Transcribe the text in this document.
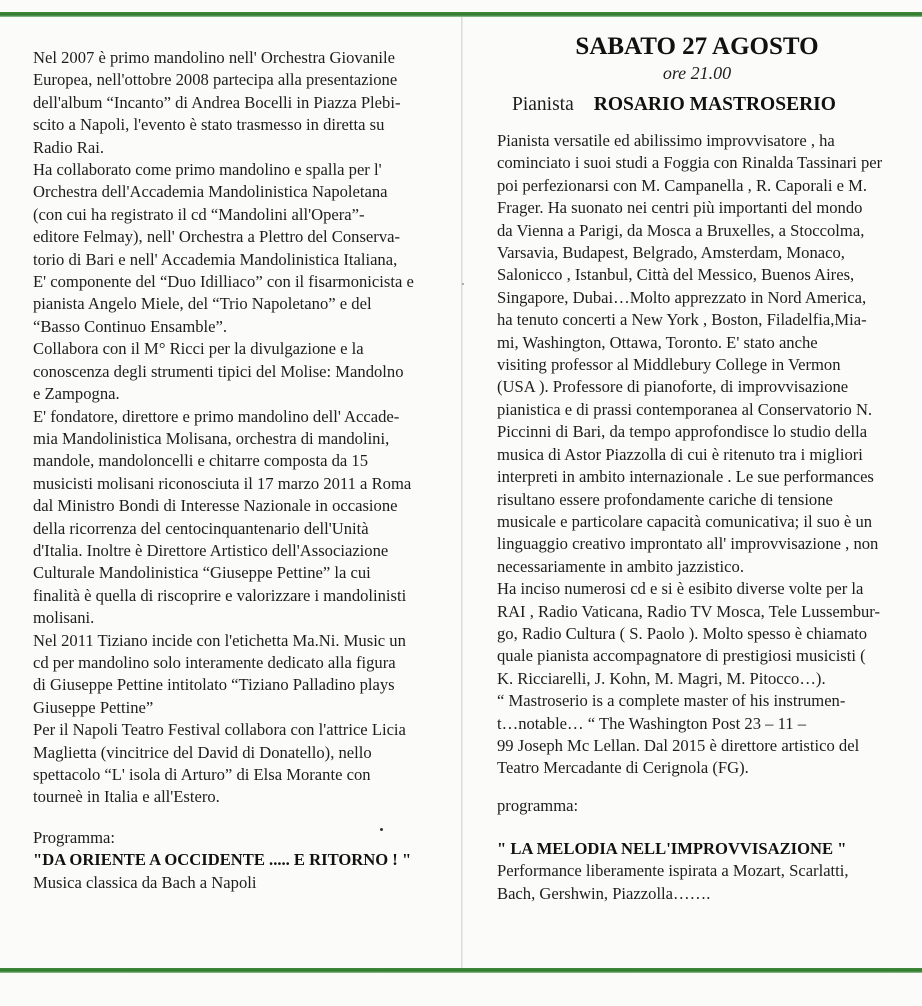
Nel 2007 è primo mandolino nell' Orchestra Giovanile
Europea, nell'ottobre 2008 partecipa alla presentazione
dell'album “Incanto” di Andrea Bocelli in Piazza Plebi-
scito a Napoli, l'evento è stato trasmesso in diretta su
Radio Rai.
Ha collaborato come primo mandolino e spalla per l'
Orchestra dell'Accademia Mandolinistica Napoletana
(con cui ha registrato il cd “Mandolini all'Opera”-
editore Felmay), nell' Orchestra a Plettro del Conserva-
torio di Bari e nell' Accademia Mandolinistica Italiana,
E' componente del “Duo Idilliaco” con il fisarmonicista e
pianista Angelo Miele, del “Trio Napoletano” e del
“Basso Continuo Ensamble”.
Collabora con il M° Ricci per la divulgazione e la
conoscenza degli strumenti tipici del Molise: Mandolno
e Zampogna.
E' fondatore, direttore e primo mandolino dell' Accade-
mia Mandolinistica Molisana, orchestra di mandolini,
mandole, mandoloncelli e chitarre composta da 15
musicisti molisani riconosciuta il 17 marzo 2011 a Roma
dal Ministro Bondi di Interesse Nazionale in occasione
della ricorrenza del centocinquantenario dell'Unità
d'Italia. Inoltre è Direttore Artistico dell'Associazione
Culturale Mandolinistica “Giuseppe Pettine” la cui
finalità è quella di riscoprire e valorizzare i mandolinisti
molisani.
Nel 2011 Tiziano incide con l'etichetta Ma.Ni. Music un
cd per mandolino solo interamente dedicato alla figura
di Giuseppe Pettine intitolato “Tiziano Palladino plays
Giuseppe Pettine”
Per il Napoli Teatro Festival collabora con l'attrice Licia
Maglietta (vincitrice del David di Donatello), nello
spettacolo “L' isola di Arturo” di Elsa Morante con
tourneè in Italia e all'Estero.
Programma:
"DA ORIENTE A OCCIDENTE ..... E RITORNO ! "
Musica classica da Bach a Napoli
SABATO 27 AGOSTO
ore 21.00
Pianista ROSARIO MASTROSERIO
Pianista versatile ed abilissimo improvvisatore , ha
cominciato i suoi studi a Foggia con Rinalda Tassinari per
poi perfezionarsi con M. Campanella , R. Caporali e M.
Frager. Ha suonato nei centri più importanti del mondo
da Vienna a Parigi, da Mosca a Bruxelles, a Stoccolma,
Varsavia, Budapest, Belgrado, Amsterdam, Monaco,
Salonicco , Istanbul, Città del Messico, Buenos Aires,
Singapore, Dubai…Molto apprezzato in Nord America,
ha tenuto concerti a New York , Boston, Filadelfia,Mia-
mi, Washington, Ottawa, Toronto. E' stato anche
visiting professor al Middlebury College in Vermon
(USA ). Professore di pianoforte, di improvvisazione
pianistica e di prassi contemporanea al Conservatorio N.
Piccinni di Bari, da tempo approfondisce lo studio della
musica di Astor Piazzolla di cui è ritenuto tra i migliori
interpreti in ambito internazionale . Le sue performances
risultano essere profondamente cariche di tensione
musicale e particolare capacità comunicativa; il suo è un
linguaggio creativo improntato all' improvvisazione , non
necessariamente in ambito jazzistico.
Ha inciso numerosi cd e si è esibito diverse volte per la
RAI , Radio Vaticana, Radio TV Mosca, Tele Lussembur-
go, Radio Cultura ( S. Paolo ). Molto spesso è chiamato
quale pianista accompagnatore di prestigiosi musicisti (
K. Ricciarelli, J. Kohn, M. Magri, M. Pitocco…).
“ Mastroserio is a complete master of his instrumen-
t…notable… “ The Washington Post 23 – 11 –
99 Joseph Mc Lellan. Dal 2015 è direttore artistico del
Teatro Mercadante di Cerignola (FG).
programma:
" LA MELODIA NELL'IMPROVVISAZIONE "
Performance liberamente ispirata a Mozart, Scarlatti,
Bach, Gershwin, Piazzolla…….
